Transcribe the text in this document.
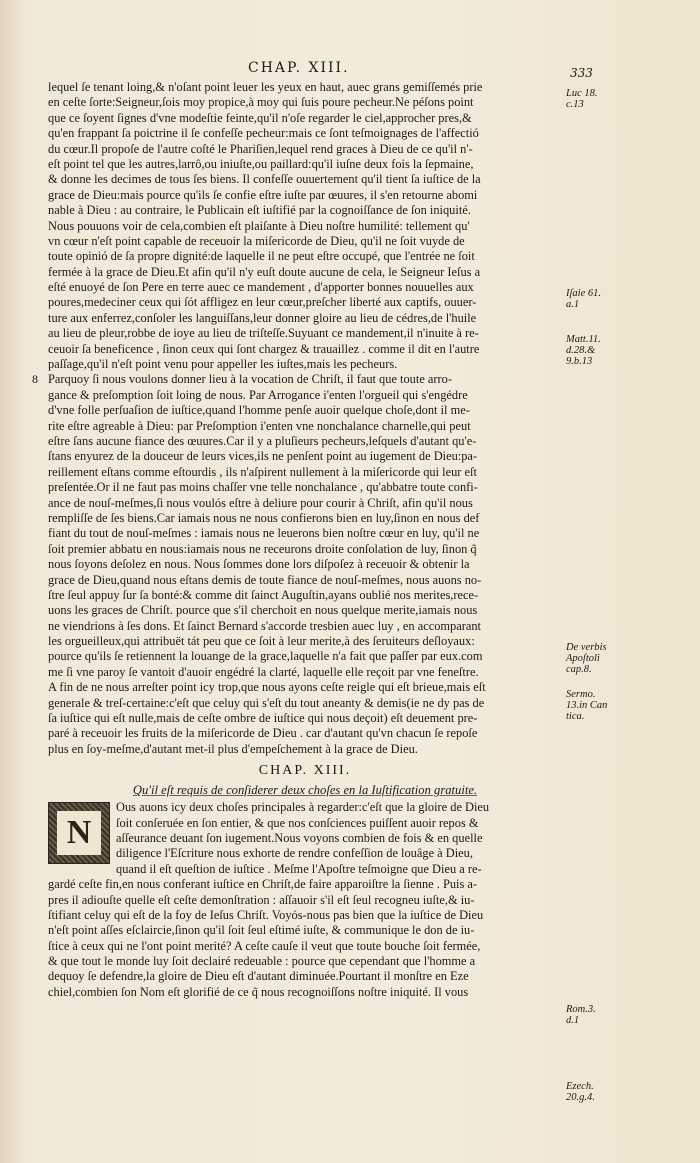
CHAP. XIII.	333
lequel ſe tenant loing,& n'oſant point leuer les yeux en haut, auec grans gemiſſemés prie
en ceſte ſorte:Seigneur,ſois moy propice,à moy qui ſuis poure pecheur.Ne péſons point
que ce ſoyent ſignes d'vne modeſtie feinte,qu'il n'oſe regarder le ciel,approcher pres,&
qu'en frappant ſa poictrine il ſe confeſſe pecheur:mais ce ſont teſmoignages de l'affectió
du cœur.Il propoſe de l'autre coſté le Phariſien,lequel rend graces à Dieu de ce qu'il n'-
eſt point tel que les autres,larrô,ou iniuſte,ou paillard:qu'il iuſne deux fois la ſepmaine,
& donne les decimes de tous ſes biens. Il confeſſe ouuertement qu'il tient ſa iuſtice de la
grace de Dieu:mais pource qu'ils ſe confie eſtre iuſte par œuures, il s'en retourne abomi
nable à Dieu : au contraire, le Publicain eſt iuſtifié par la cognoiſſance de ſon iniquité.
Nous pouuons voir de cela,combien eſt plaiſante à Dieu noſtre humilité: tellement qu'
vn cœur n'eſt point capable de receuoir la miſericorde de Dieu, qu'il ne ſoit vuyde de
toute opinió de ſa propre dignité:de laquelle il ne peut eſtre occupé, que l'entrée ne ſoit
fermée à la grace de Dieu.Et afin qu'il n'y euſt doute aucune de cela, le Seigneur Ieſus a
eſté enuoyé de ſon Pere en terre auec ce mandement , d'apporter bonnes nouuelles aux
poures,medeciner ceux qui ſót affligez en leur cœur,preſcher liberté aux captifs, ouuer-
ture aux enferrez,conſoler les languiſſans,leur donner gloire au lieu de cédres,de l'huile
au lieu de pleur,robbe de ioye au lieu de triſteſſe.Suyuant ce mandement,il n'inuite à re-
ceuoir ſa beneficence , ſinon ceux qui ſont chargez & trauaillez . comme il dit en l'autre
paſſage,qu'il n'eſt point venu pour appeller les iuſtes,mais les pecheurs.
8 Parquoy ſi nous voulons donner lieu à la vocation de Chriſt, il faut que toute arro-
gance & preſomption ſoit loing de nous. Par Arrogance i'enten l'orgueil qui s'engédre
d'vne folle perſuaſion de iuſtice,quand l'homme penſe auoir quelque choſe,dont il me-
rite eſtre agreable à Dieu: par Preſomption i'enten vne nonchalance charnelle,qui peut
eſtre ſans aucune fiance des œuures.Car il y a pluſieurs pecheurs,leſquels d'autant qu'e-
ſtans enyurez de la douceur de leurs vices,ils ne penſent point au iugement de Dieu:pa-
reillement eſtans comme eſtourdis , ils n'aſpirent nullement à la miſericorde qui leur eſt
preſentée.Or il ne faut pas moins chaſſer vne telle nonchalance , qu'abbatre toute confi-
ance de nouſ-meſmes,ſi nous voulós eſtre à deliure pour courir à Chriſt, afin qu'il nous
rempliſſe de ſes biens.Car iamais nous ne nous confierons bien en luy,ſinon en nous def
fiant du tout de nouſ-meſmes : iamais nous ne leuerons bien noſtre cœur en luy, qu'il ne
ſoit premier abbatu en nous:iamais nous ne receurons droite conſolation de luy, ſinon q̃
nous ſoyons deſolez en nous. Nous ſommes done lors diſpoſez à receuoir & obtenir la
grace de Dieu,quand nous eſtans demis de toute fiance de nouſ-meſmes, nous auons no-
ſtre ſeul appuy ſur ſa bonté:& comme dit ſainct Auguſtin,ayans oublié nos merites,rece-
uons les graces de Chriſt. pource que s'il cherchoit en nous quelque merite,iamais nous
ne viendrions à ſes dons. Et ſainct Bernard s'accorde tresbien auec luy , en accomparant
les orgueilleux,qui attribuët tát peu que ce ſoit à leur merite,à des ſeruiteurs deſloyaux:
pource qu'ils ſe retiennent la louange de la grace,laquelle n'a fait que paſſer par eux.com
me ſi vne paroy ſe vantoit d'auoir engédré la clarté, laquelle elle reçoit par vne feneſtre.
A fin de ne nous arreſter point icy trop,que nous ayons ceſte reigle qui eſt brieue,mais eſt
generale & treſ-certaine:c'eſt que celuy qui s'eſt du tout aneanty & demis(ie ne dy pas de
ſa iuſtice qui eſt nulle,mais de ceſte ombre de iuſtice qui nous deçoit) eſt deuement pre-
paré à receuoir les fruits de la miſericorde de Dieu . car d'autant qu'vn chacun ſe repoſe
plus en ſoy-meſme,d'autant met-il plus d'empeſchement à la grace de Dieu.
CHAP. XIII.
Qu'il eſt requis de conſiderer deux choſes en la Iuſtification gratuite.
N
Ous auons icy deux choſes principales à regarder:c'eſt que la gloire de Dieu
ſoit conſeruée en ſon entier, & que nos conſciences puiſſent auoir repos &
aſſeurance deuant ſon iugement.Nous voyons combien de fois & en quelle
diligence l'Eſcriture nous exhorte de rendre confeſſion de louâge à Dieu,
quand il eſt queſtion de iuſtice . Meſme l'Apoſtre teſmoigne que Dieu a re-
gardé ceſte fin,en nous conferant iuſtice en Chriſt,de faire apparoiſtre la ſienne . Puis a-
pres il adiouſte quelle eſt ceſte demonſtration : aſſauoir s'il eſt ſeul recogneu iuſte,& iu-
ſtifiant celuy qui eſt de la foy de Ieſus Chriſt. Voyós-nous pas bien que la iuſtice de Dieu
n'eſt point aſſes eſclaircie,ſinon qu'il ſoit ſeul eſtimé iuſte, & communique le don de iu-
ſtice à ceux qui ne l'ont point merité? A ceſte cauſe il veut que toute bouche ſoit fermée,
& que tout le monde luy ſoit declairé redeuable : pource que cependant que l'homme a
dequoy ſe defendre,la gloire de Dieu eſt d'autant diminuée.Pourtant il monſtre en Eze
chiel,combien ſon Nom eſt glorifié de ce q̃ nous recognoiſſons noſtre iniquité. Il vous
Luc 18.
c.13
Iſaie 61.
a.1
Matt.11.
d.28.&
9.b.13
De verbis
Apoſtoli
cap.8.
Sermo.
13.in Can
tica.
Rom.3.
d.1
Ezech.
20.g.4.
